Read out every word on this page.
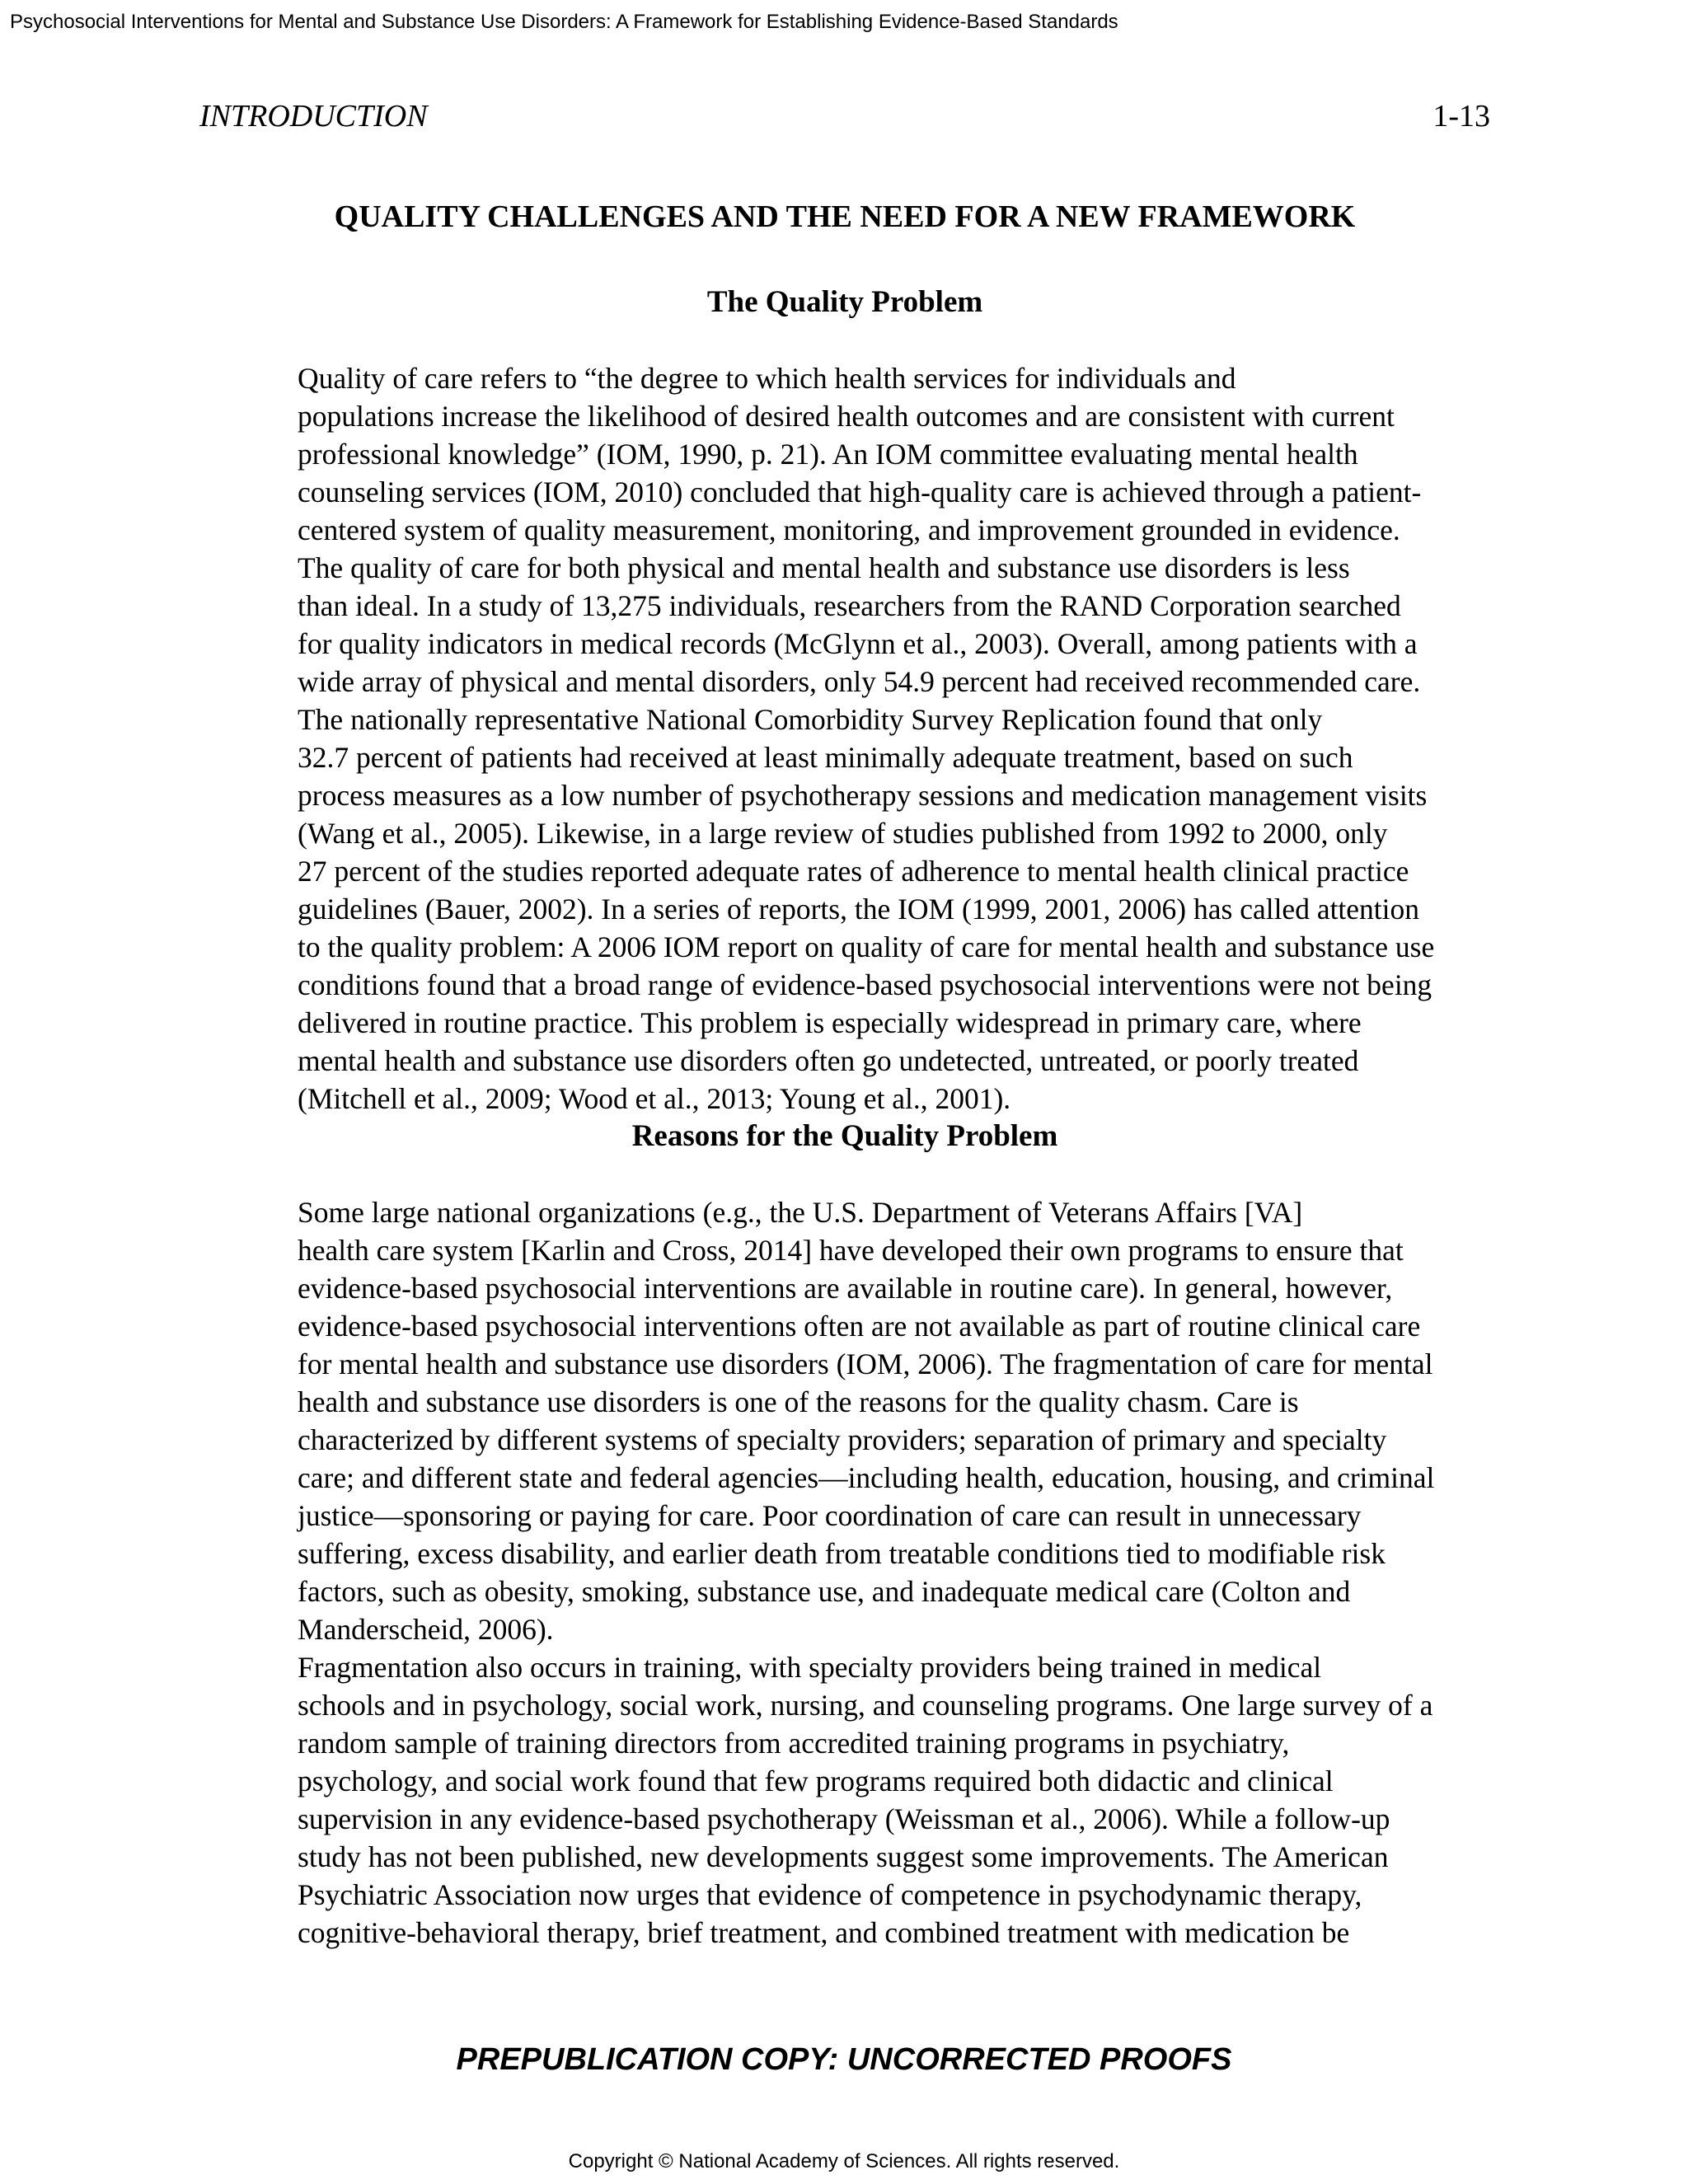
Psychosocial Interventions for Mental and Substance Use Disorders: A Framework for Establishing Evidence-Based Standards
INTRODUCTION	1-13
QUALITY CHALLENGES AND THE NEED FOR A NEW FRAMEWORK
The Quality Problem

Quality of care refers to “the degree to which health services for individuals and
populations increase the likelihood of desired health outcomes and are consistent with current
professional knowledge” (IOM, 1990, p. 21). An IOM committee evaluating mental health
counseling services (IOM, 2010) concluded that high-quality care is achieved through a patient-
centered system of quality measurement, monitoring, and improvement grounded in evidence.

The quality of care for both physical and mental health and substance use disorders is less
than ideal. In a study of 13,275 individuals, researchers from the RAND Corporation searched
for quality indicators in medical records (McGlynn et al., 2003). Overall, among patients with a
wide array of physical and mental disorders, only 54.9 percent had received recommended care.
The nationally representative National Comorbidity Survey Replication found that only
32.7 percent of patients had received at least minimally adequate treatment, based on such
process measures as a low number of psychotherapy sessions and medication management visits
(Wang et al., 2005). Likewise, in a large review of studies published from 1992 to 2000, only
27 percent of the studies reported adequate rates of adherence to mental health clinical practice
guidelines (Bauer, 2002). In a series of reports, the IOM (1999, 2001, 2006) has called attention
to the quality problem: A 2006 IOM report on quality of care for mental health and substance use
conditions found that a broad range of evidence-based psychosocial interventions were not being
delivered in routine practice. This problem is especially widespread in primary care, where
mental health and substance use disorders often go undetected, untreated, or poorly treated
(Mitchell et al., 2009; Wood et al., 2013; Young et al., 2001).

Reasons for the Quality Problem

Some large national organizations (e.g., the U.S. Department of Veterans Affairs [VA]
health care system [Karlin and Cross, 2014] have developed their own programs to ensure that
evidence-based psychosocial interventions are available in routine care). In general, however,
evidence-based psychosocial interventions often are not available as part of routine clinical care
for mental health and substance use disorders (IOM, 2006). The fragmentation of care for mental
health and substance use disorders is one of the reasons for the quality chasm. Care is
characterized by different systems of specialty providers; separation of primary and specialty
care; and different state and federal agencies—including health, education, housing, and criminal
justice—sponsoring or paying for care. Poor coordination of care can result in unnecessary
suffering, excess disability, and earlier death from treatable conditions tied to modifiable risk
factors, such as obesity, smoking, substance use, and inadequate medical care (Colton and
Manderscheid, 2006).

Fragmentation also occurs in training, with specialty providers being trained in medical
schools and in psychology, social work, nursing, and counseling programs. One large survey of a
random sample of training directors from accredited training programs in psychiatry,
psychology, and social work found that few programs required both didactic and clinical
supervision in any evidence-based psychotherapy (Weissman et al., 2006). While a follow-up
study has not been published, new developments suggest some improvements. The American
Psychiatric Association now urges that evidence of competence in psychodynamic therapy,
cognitive-behavioral therapy, brief treatment, and combined treatment with medication be

PREPUBLICATION COPY: UNCORRECTED PROOFS
Copyright © National Academy of Sciences. All rights reserved.
